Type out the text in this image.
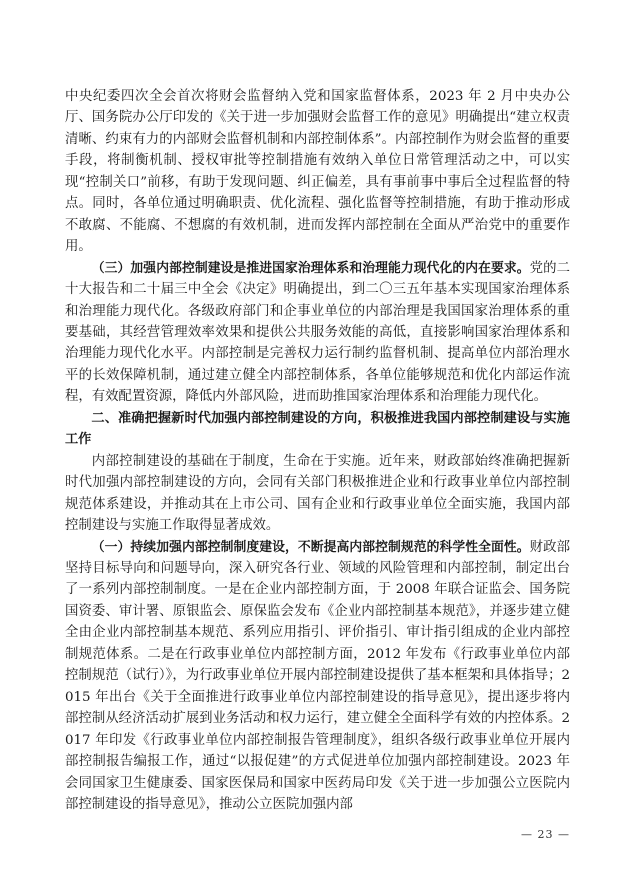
中央纪委四次全会首次将财会监督纳入党和国家监督体系，2023 年 2 月中央办公厅、国务院办公厅印发的《关于进一步加强财会监督工作的意见》明确提出“建立权责清晰、约束有力的内部财会监督机制和内部控制体系”。内部控制作为财会监督的重要手段，将制衡机制、授权审批等控制措施有效纳入单位日常管理活动之中，可以实现“控制关口”前移，有助于发现问题、纠正偏差，具有事前事中事后全过程监督的特点。同时，各单位通过明确职责、优化流程、强化监督等控制措施，有助于推动形成不敢腐、不能腐、不想腐的有效机制，进而发挥内部控制在全面从严治党中的重要作用。

（三）加强内部控制建设是推进国家治理体系和治理能力现代化的内在要求。党的二十大报告和二十届三中全会《决定》明确提出，到二〇三五年基本实现国家治理体系和治理能力现代化。各级政府部门和企事业单位的内部治理是我国国家治理体系的重要基础，其经营管理效率效果和提供公共服务效能的高低，直接影响国家治理体系和治理能力现代化水平。内部控制是完善权力运行制约监督机制、提高单位内部治理水平的长效保障机制，通过建立健全内部控制体系，各单位能够规范和优化内部运作流程，有效配置资源，降低内外部风险，进而助推国家治理体系和治理能力现代化。

二、准确把握新时代加强内部控制建设的方向，积极推进我国内部控制建设与实施工作

内部控制建设的基础在于制度，生命在于实施。近年来，财政部始终准确把握新时代加强内部控制建设的方向，会同有关部门积极推进企业和行政事业单位内部控制规范体系建设，并推动其在上市公司、国有企业和行政事业单位全面实施，我国内部控制建设与实施工作取得显著成效。

（一）持续加强内部控制制度建设，不断提高内部控制规范的科学性全面性。财政部坚持目标导向和问题导向，深入研究各行业、领域的风险管理和内部控制，制定出台了一系列内部控制制度。一是在企业内部控制方面，于 2008 年联合证监会、国务院国资委、审计署、原银监会、原保监会发布《企业内部控制基本规范》，并逐步建立健全由企业内部控制基本规范、系列应用指引、评价指引、审计指引组成的企业内部控制规范体系。二是在行政事业单位内部控制方面，2012 年发布《行政事业单位内部控制规范（试行）》，为行政事业单位开展内部控制建设提供了基本框架和具体指导；2015 年出台《关于全面推进行政事业单位内部控制建设的指导意见》，提出逐步将内部控制从经济活动扩展到业务活动和权力运行，建立健全全面科学有效的内控体系。2017 年印发《行政事业单位内部控制报告管理制度》，组织各级行政事业单位开展内部控制报告编报工作，通过“以报促建”的方式促进单位加强内部控制建设。2023 年会同国家卫生健康委、国家医保局和国家中医药局印发《关于进一步加强公立医院内部控制建设的指导意见》，推动公立医院加强内部

— 23 —
